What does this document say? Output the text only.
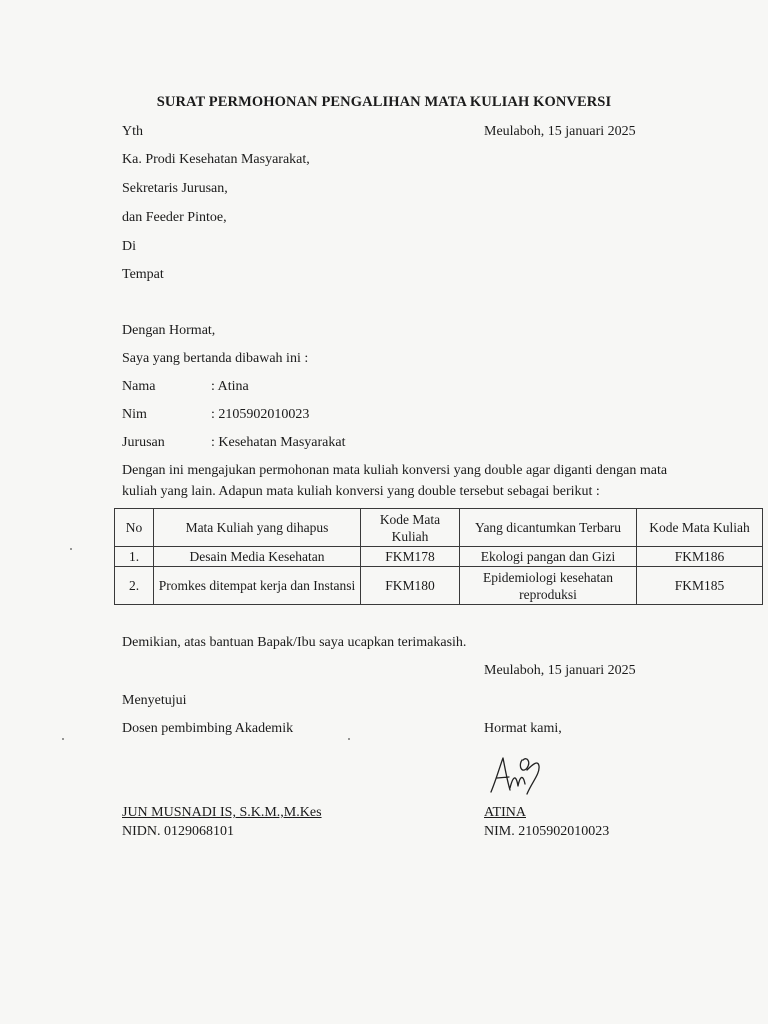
SURAT PERMOHONAN PENGALIHAN MATA KULIAH KONVERSI
Yth	Meulaboh, 15 januari 2025
Ka. Prodi Kesehatan Masyarakat,
Sekretaris Jurusan,
dan Feeder Pintoe,
Di
Tempat
Dengan Hormat,
Saya yang bertanda dibawah ini :
Nama	: Atina
Nim	: 2105902010023
Jurusan	: Kesehatan Masyarakat
Dengan ini mengajukan permohonan mata kuliah konversi yang double agar diganti dengan mata kuliah yang lain. Adapun mata kuliah konversi yang double tersebut sebagai berikut :
No	Mata Kuliah yang dihapus	Kode Mata Kuliah	Yang dicantumkan Terbaru	Kode Mata Kuliah
1.	Desain Media Kesehatan	FKM178	Ekologi pangan dan Gizi	FKM186
2.	Promkes ditempat kerja dan Instansi	FKM180	Epidemiologi kesehatan reproduksi	FKM185
Demikian, atas bantuan Bapak/Ibu saya ucapkan terimakasih.
Meulaboh, 15 januari 2025
Menyetujui
Dosen pembimbing Akademik	Hormat kami,
JUN MUSNADI IS, S.K.M.,M.Kes
NIDN. 0129068101
ATINA
NIM. 2105902010023
